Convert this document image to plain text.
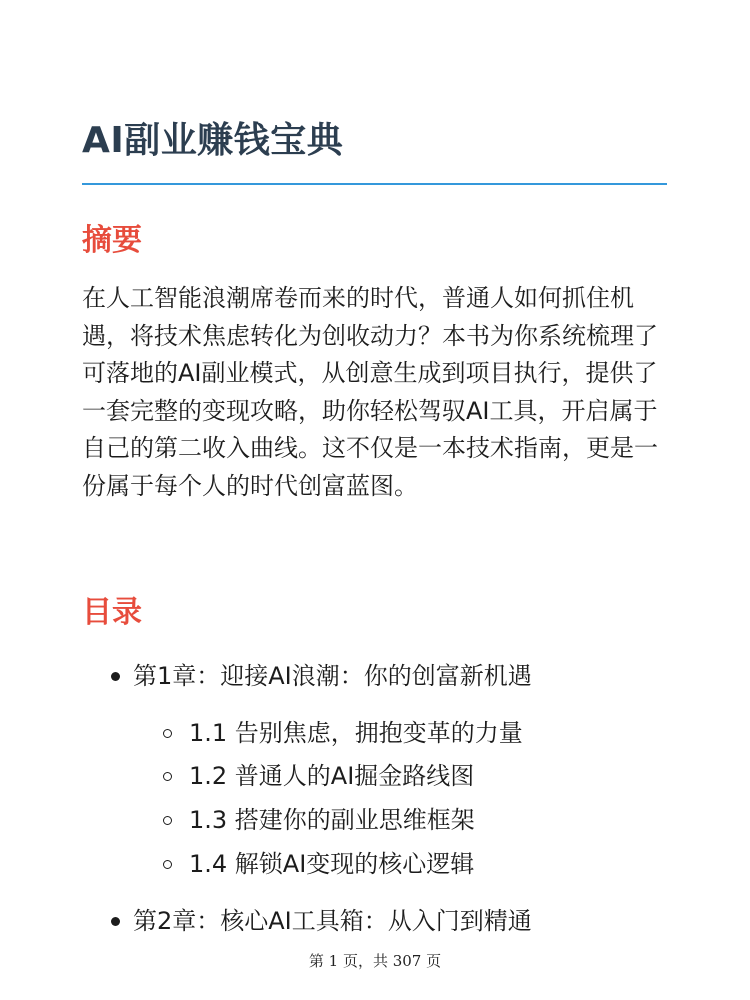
AI副业赚钱宝典
摘要
在人工智能浪潮席卷而来的时代，普通人如何抓住机遇，将技术焦虑转化为创收动力？本书为你系统梳理了可落地的AI副业模式，从创意生成到项目执行，提供了一套完整的变现攻略，助你轻松驾驭AI工具，开启属于自己的第二收入曲线。这不仅是一本技术指南，更是一份属于每个人的时代创富蓝图。
目录
第1章：迎接AI浪潮：你的创富新机遇
1.1 告别焦虑，拥抱变革的力量
1.2 普通人的AI掘金路线图
1.3 搭建你的副业思维框架
1.4 解锁AI变现的核心逻辑
第2章：核心AI工具箱：从入门到精通
第 1 页，共 307 页
